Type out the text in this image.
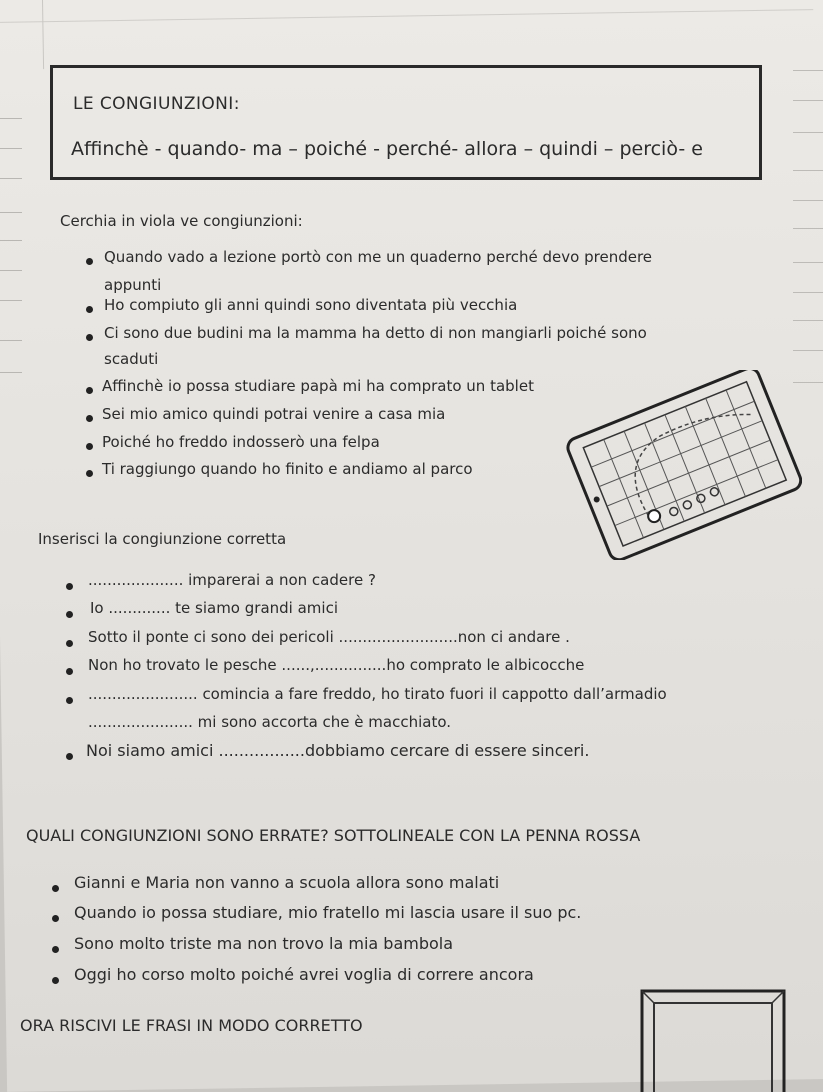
LE CONGIUNZIONI:
Affinchè - quando- ma – poiché - perché- allora – quindi – perciò- e
Cerchia in viola ve congiunzioni:
Quando vado a lezione portò con me un quaderno perché devo prendere
appunti
Ho compiuto gli anni quindi sono diventata più vecchia
Ci sono due budini ma la mamma ha detto di non mangiarli poiché sono
scaduti
Affinchè io possa studiare papà mi ha comprato un tablet
Sei mio amico quindi potrai venire a casa mia
Poiché ho freddo indosserò una felpa
Ti raggiungo quando ho finito e andiamo al parco
Inserisci la congiunzione corretta
.................... imparerai a non cadere ?
Io ............. te siamo grandi amici
Sotto il ponte ci sono dei pericoli .........................non ci andare .
Non ho trovato le pesche ......,...............ho comprato le albicocche
....................... comincia a fare freddo, ho tirato fuori il cappotto dall’armadio
...................... mi sono accorta che è macchiato.
Noi siamo amici .................dobbiamo cercare di essere sinceri.
QUALI CONGIUNZIONI SONO ERRATE? SOTTOLINEALE CON LA PENNA ROSSA
Gianni e Maria non vanno a scuola allora sono malati
Quando io possa studiare, mio fratello mi lascia usare il suo pc.
Sono molto triste ma non trovo la mia bambola
Oggi ho corso molto poiché avrei voglia di correre ancora
ORA RISCIVI LE FRASI IN MODO CORRETTO
